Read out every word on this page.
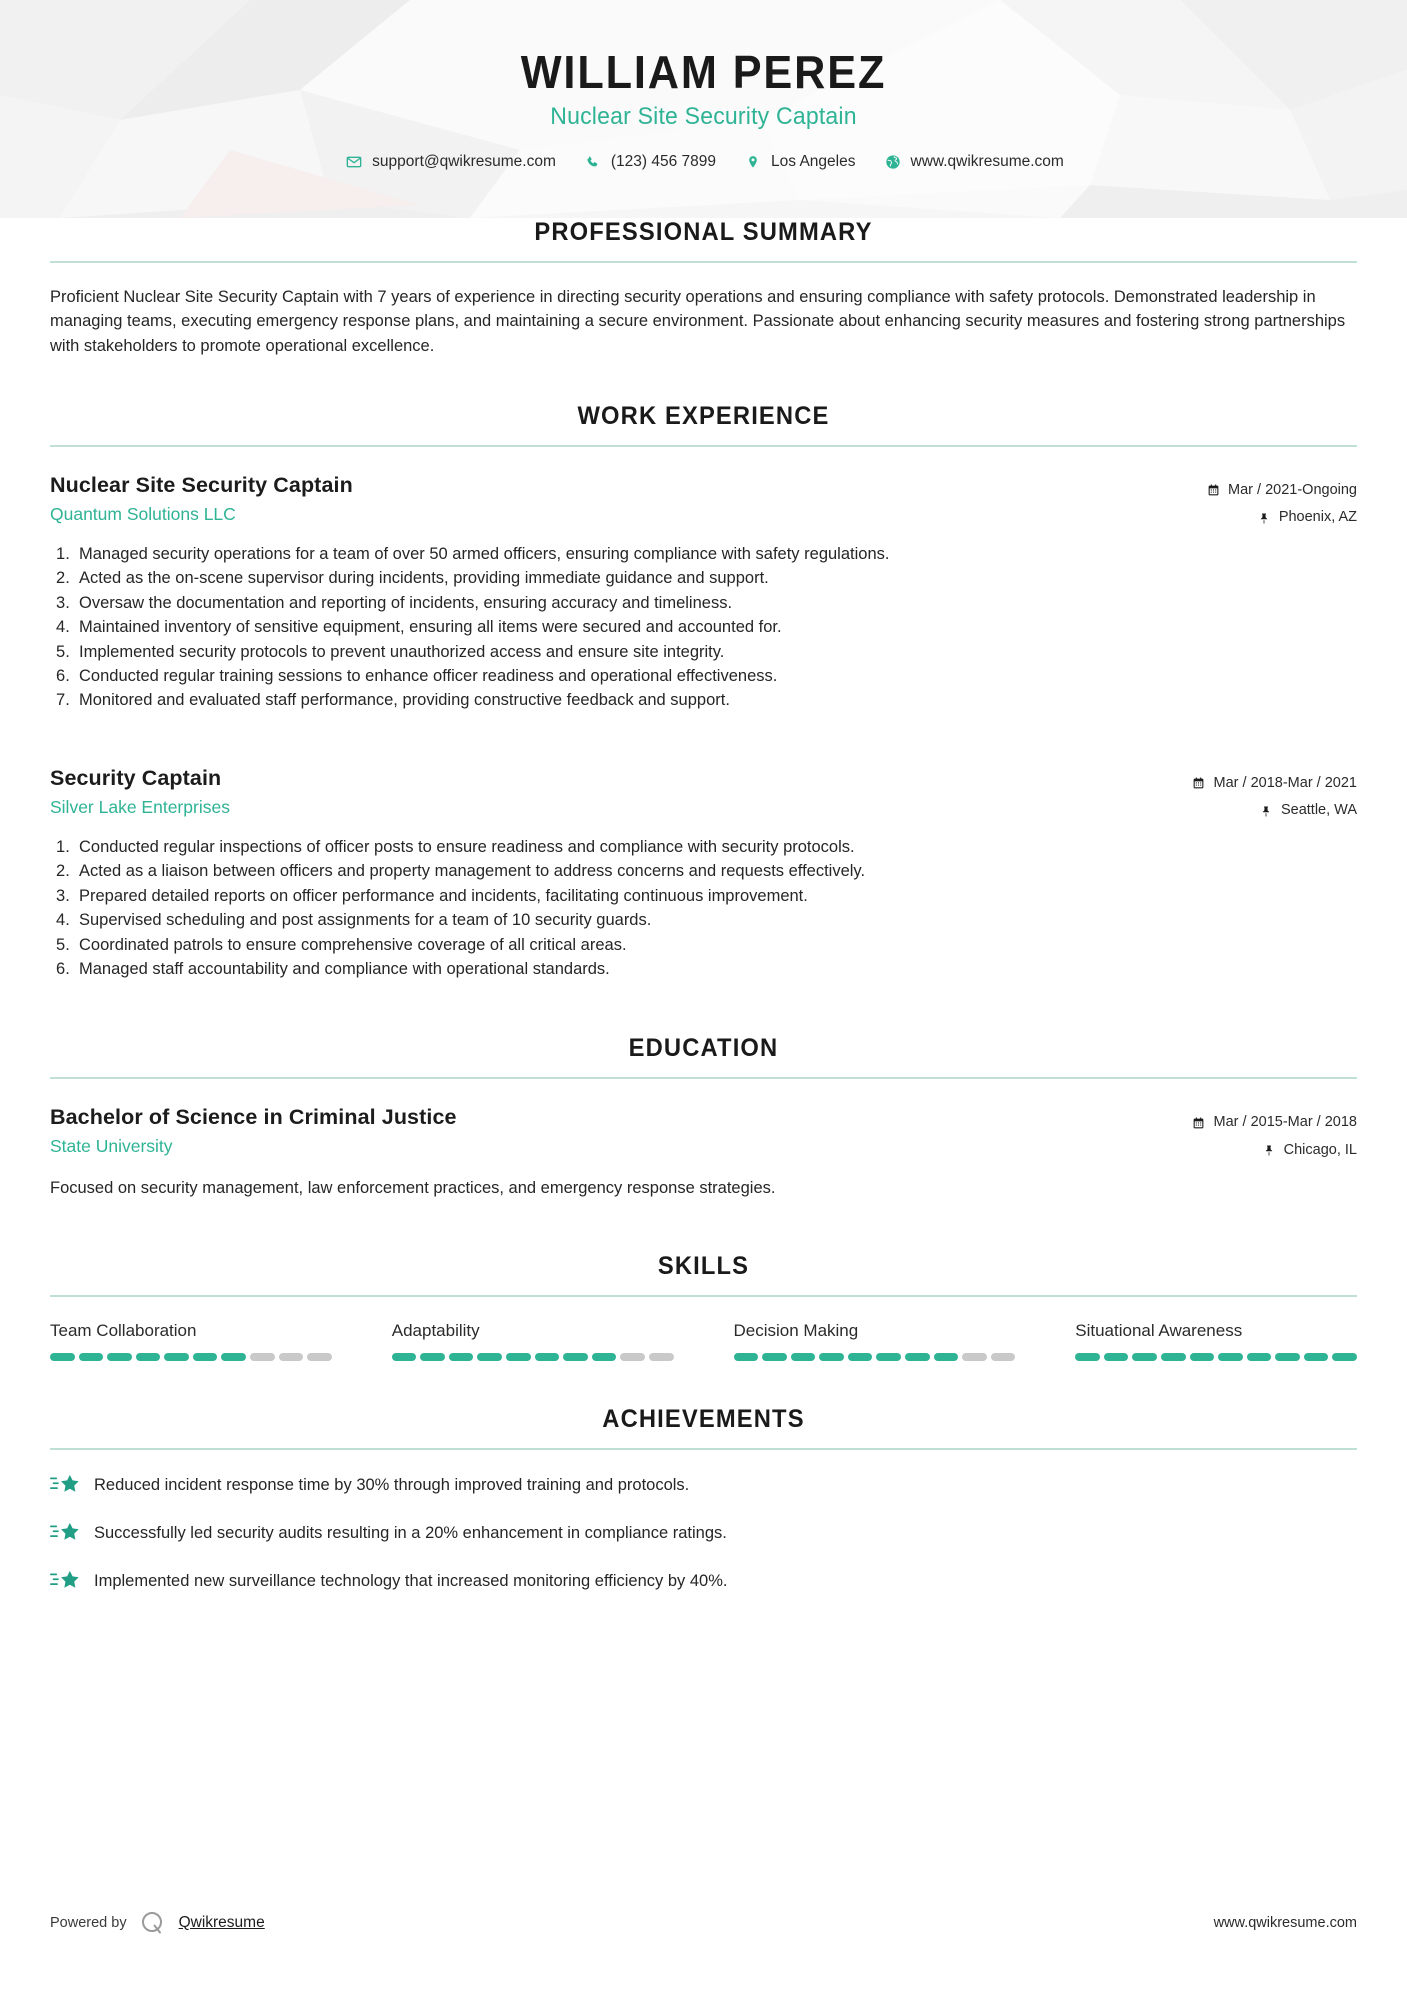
WILLIAM PEREZ
Nuclear Site Security Captain
support@qwikresume.com	(123) 456 7899	Los Angeles	www.qwikresume.com
PROFESSIONAL SUMMARY

Proficient Nuclear Site Security Captain with 7 years of experience in directing security operations and ensuring compliance with safety protocols. Demonstrated leadership in managing teams, executing emergency response plans, and maintaining a secure environment. Passionate about enhancing security measures and fostering strong partnerships with stakeholders to promote operational excellence.

WORK EXPERIENCE
Nuclear Site Security Captain
Quantum Solutions LLC
Mar / 2021-Ongoing
Phoenix, AZ
Managed security operations for a team of over 50 armed officers, ensuring compliance with safety regulations.
Acted as the on-scene supervisor during incidents, providing immediate guidance and support.
Oversaw the documentation and reporting of incidents, ensuring accuracy and timeliness.
Maintained inventory of sensitive equipment, ensuring all items were secured and accounted for.
Implemented security protocols to prevent unauthorized access and ensure site integrity.
Conducted regular training sessions to enhance officer readiness and operational effectiveness.
Monitored and evaluated staff performance, providing constructive feedback and support.
Security Captain
Silver Lake Enterprises
Mar / 2018-Mar / 2021
Seattle, WA
Conducted regular inspections of officer posts to ensure readiness and compliance with security protocols.
Acted as a liaison between officers and property management to address concerns and requests effectively.
Prepared detailed reports on officer performance and incidents, facilitating continuous improvement.
Supervised scheduling and post assignments for a team of 10 security guards.
Coordinated patrols to ensure comprehensive coverage of all critical areas.
Managed staff accountability and compliance with operational standards.
EDUCATION
Bachelor of Science in Criminal Justice
State University
Mar / 2015-Mar / 2018
Chicago, IL

Focused on security management, law enforcement practices, and emergency response strategies.

SKILLS
Team Collaboration	Adaptability	Decision Making	Situational Awareness
ACHIEVEMENTS
Reduced incident response time by 30% through improved training and protocols.
Successfully led security audits resulting in a 20% enhancement in compliance ratings.
Implemented new surveillance technology that increased monitoring efficiency by 40%.
Powered by	Qwikresume	www.qwikresume.com
